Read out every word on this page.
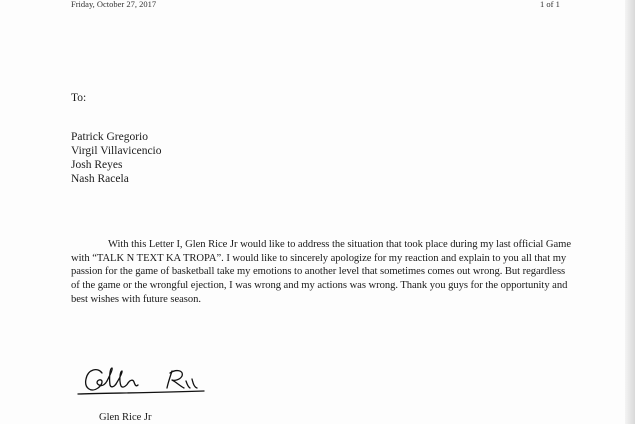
Friday, October 27, 2017	1 of 1
To:
Patrick Gregorio
Virgil Villavicencio
Josh Reyes
Nash Racela

With this Letter I, Glen Rice Jr would like to address the situation that took place during my last official Game with “TALK N TEXT KA TROPA”. I would like to sincerely apologize for my reaction and explain to you all that my passion for the game of basketball take my emotions to another level that sometimes comes out wrong. But regardless of the game or the wrongful ejection, I was wrong and my actions was wrong. Thank you guys for the opportunity and best wishes with future season.

Glen Rice Jr
